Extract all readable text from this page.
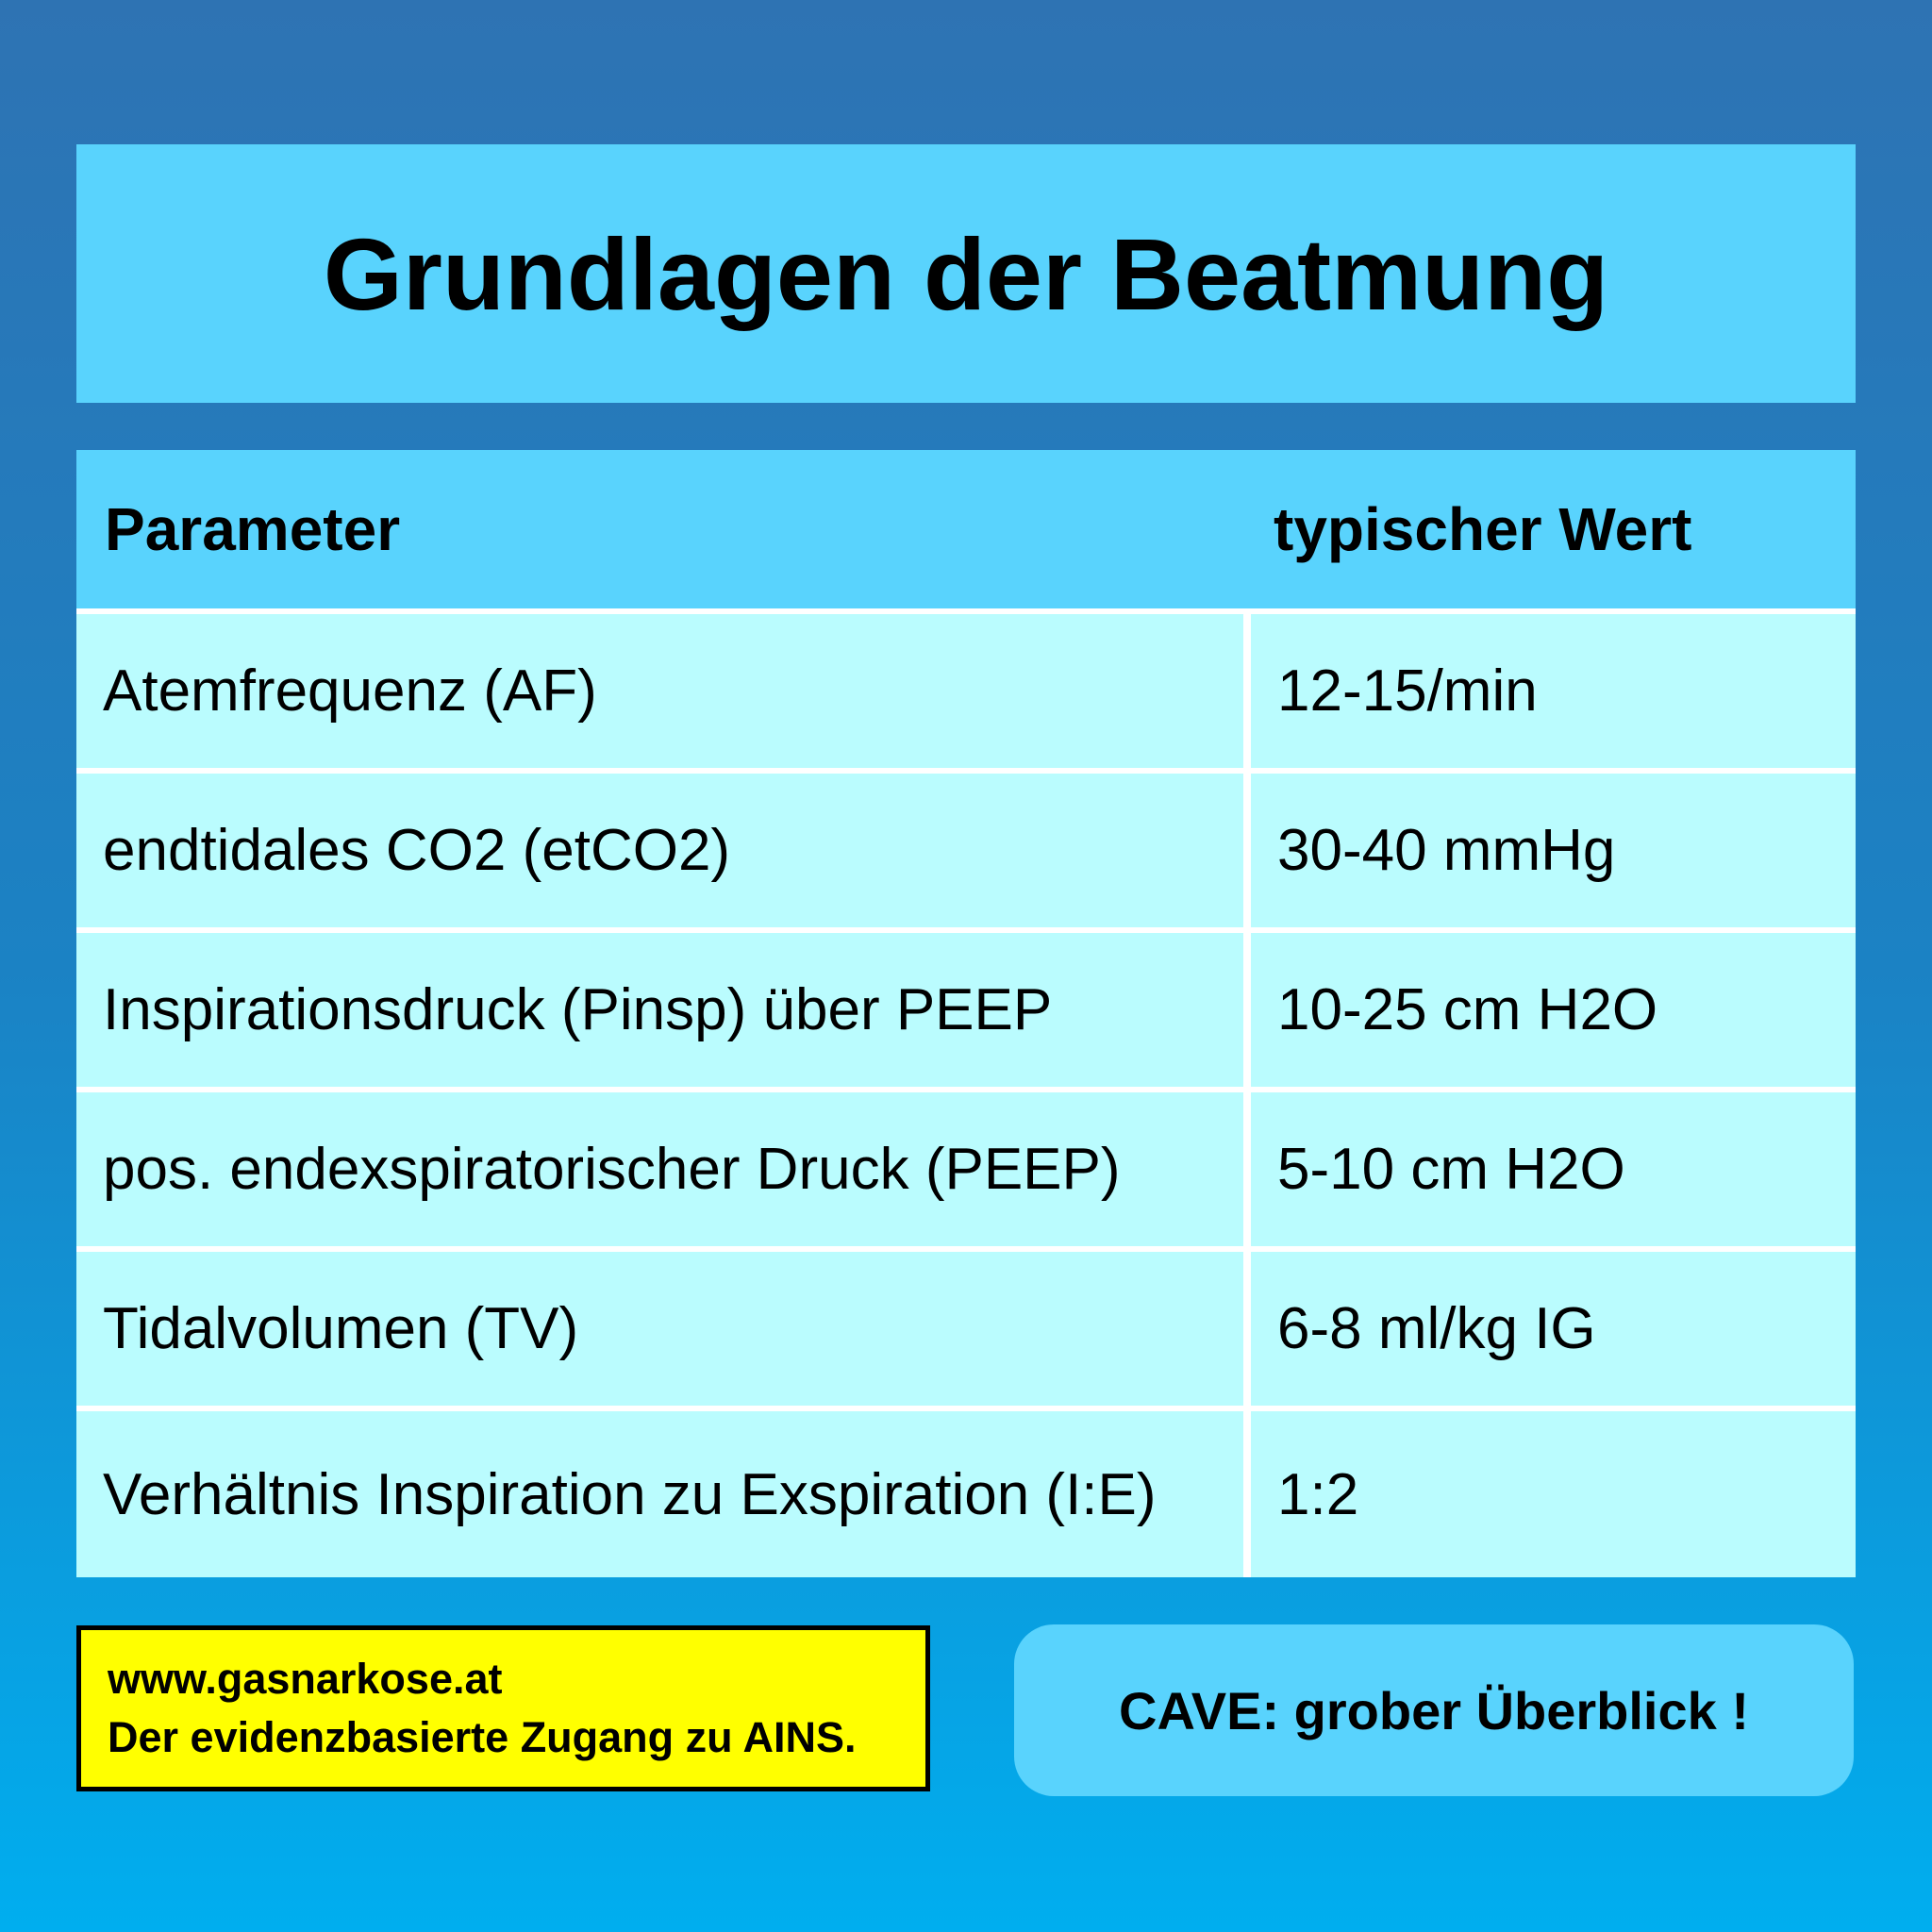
Grundlagen der Beatmung
Parameter	typischer Wert
Atemfrequenz (AF)	12-15/min
endtidales CO2 (etCO2)	30-40 mmHg
Inspirationsdruck (Pinsp) über PEEP	10-25 cm H2O
pos. endexspiratorischer Druck (PEEP)	5-10 cm H2O
Tidalvolumen (TV)	6-8 ml/kg IG
Verhältnis Inspiration zu Exspiration (I:E)	1:2
www.gasnarkose.at
Der evidenzbasierte Zugang zu AINS.	CAVE: grober Überblick !
